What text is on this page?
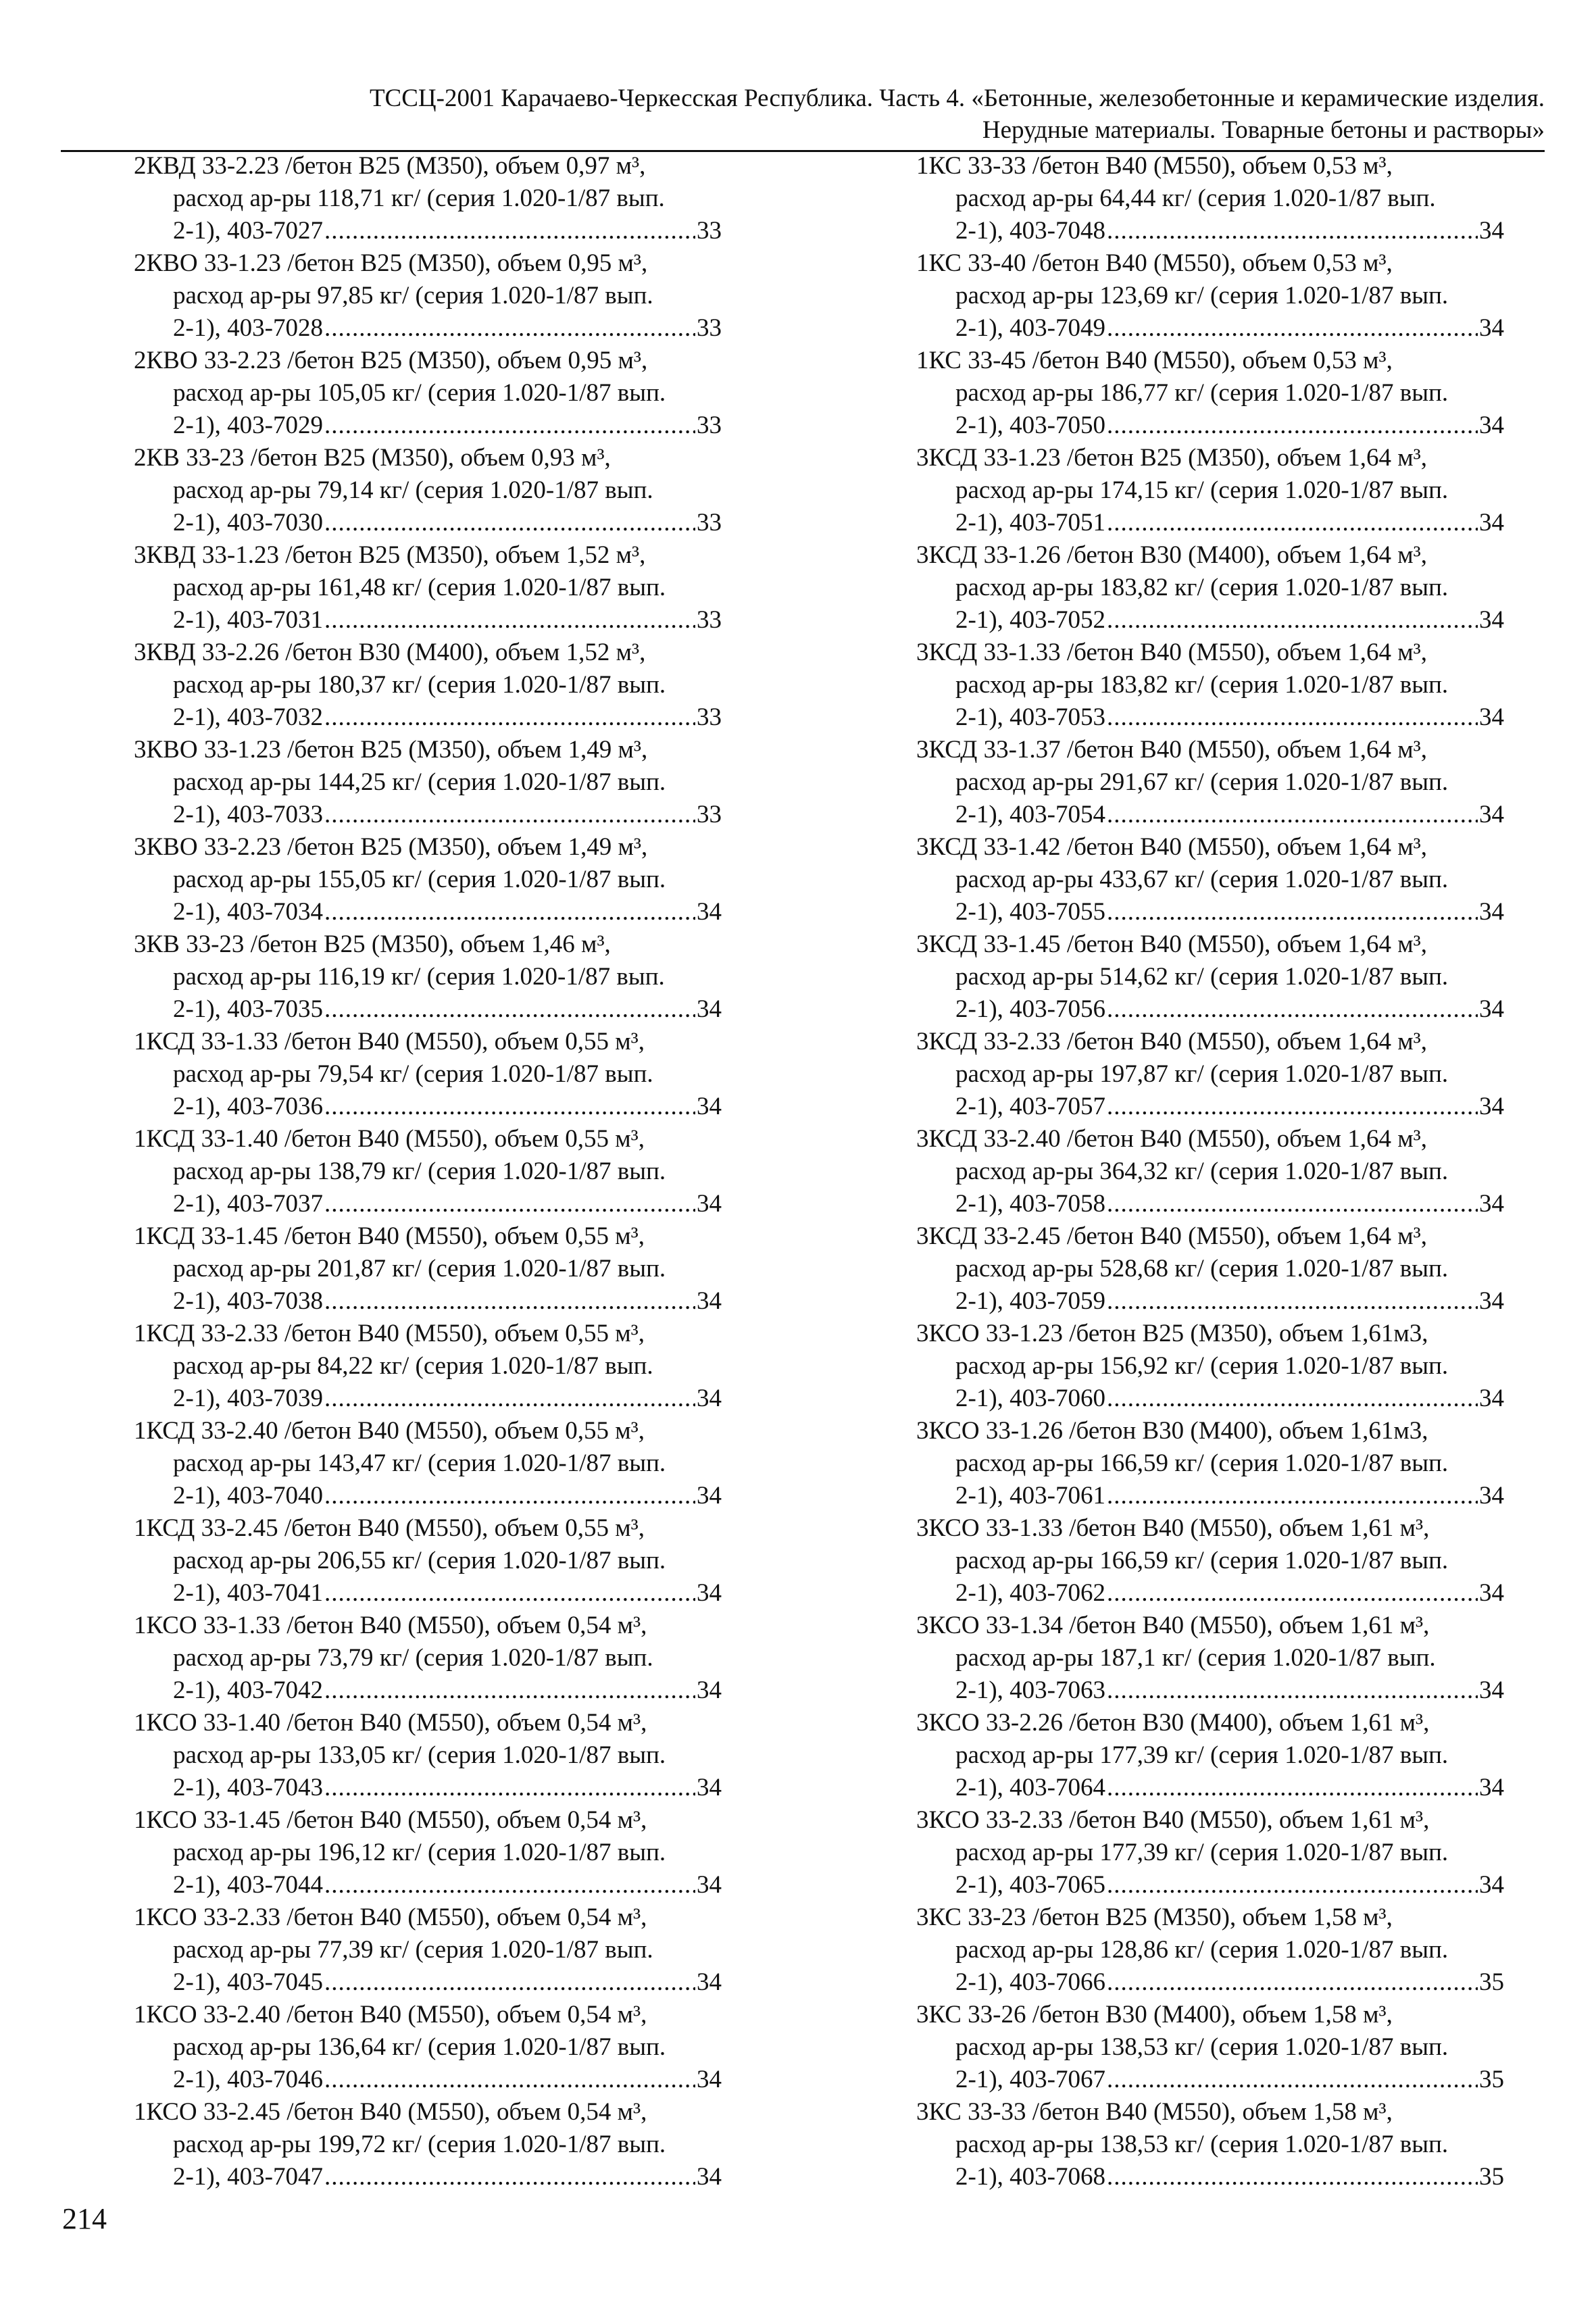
ТССЦ-2001 Карачаево-Черкесская Республика. Часть 4. «Бетонные, железобетонные и керамические изделия.
Нерудные материалы. Товарные бетоны и растворы»
2КВД 33-2.23 /бетон В25 (М350), объем 0,97 м³,
расход ар-ры 118,71 кг/ (серия 1.020-1/87 вып.
2-1), 403-7027 .....	33
2КВО 33-1.23 /бетон В25 (М350), объем 0,95 м³,
расход ар-ры 97,85 кг/ (серия 1.020-1/87 вып.
2-1), 403-7028 .....	33
2КВО 33-2.23 /бетон В25 (М350), объем 0,95 м³,
расход ар-ры 105,05 кг/ (серия 1.020-1/87 вып.
2-1), 403-7029 .....	33
2КВ 33-23 /бетон В25 (М350), объем 0,93 м³,
расход ар-ры 79,14 кг/ (серия 1.020-1/87 вып.
2-1), 403-7030 .....	33
3КВД 33-1.23 /бетон В25 (М350), объем 1,52 м³,
расход ар-ры 161,48 кг/ (серия 1.020-1/87 вып.
2-1), 403-7031 .....	33
3КВД 33-2.26 /бетон В30 (М400), объем 1,52 м³,
расход ар-ры 180,37 кг/ (серия 1.020-1/87 вып.
2-1), 403-7032 .....	33
3КВО 33-1.23 /бетон В25 (М350), объем 1,49 м³,
расход ар-ры 144,25 кг/ (серия 1.020-1/87 вып.
2-1), 403-7033 .....	33
3КВО 33-2.23 /бетон В25 (М350), объем 1,49 м³,
расход ар-ры 155,05 кг/ (серия 1.020-1/87 вып.
2-1), 403-7034 .....	34
3КВ 33-23 /бетон В25 (М350), объем 1,46 м³,
расход ар-ры 116,19 кг/ (серия 1.020-1/87 вып.
2-1), 403-7035 .....	34
1КСД 33-1.33 /бетон В40 (М550), объем 0,55 м³,
расход ар-ры 79,54 кг/ (серия 1.020-1/87 вып.
2-1), 403-7036 .....	34
1КСД 33-1.40 /бетон В40 (М550), объем 0,55 м³,
расход ар-ры 138,79 кг/ (серия 1.020-1/87 вып.
2-1), 403-7037 .....	34
1КСД 33-1.45 /бетон В40 (М550), объем 0,55 м³,
расход ар-ры 201,87 кг/ (серия 1.020-1/87 вып.
2-1), 403-7038 .....	34
1КСД 33-2.33 /бетон В40 (М550), объем 0,55 м³,
расход ар-ры 84,22 кг/ (серия 1.020-1/87 вып.
2-1), 403-7039 .....	34
1КСД 33-2.40 /бетон В40 (М550), объем 0,55 м³,
расход ар-ры 143,47 кг/ (серия 1.020-1/87 вып.
2-1), 403-7040 .....	34
1КСД 33-2.45 /бетон В40 (М550), объем 0,55 м³,
расход ар-ры 206,55 кг/ (серия 1.020-1/87 вып.
2-1), 403-7041 .....	34
1КСО 33-1.33 /бетон В40 (М550), объем 0,54 м³,
расход ар-ры 73,79 кг/ (серия 1.020-1/87 вып.
2-1), 403-7042 .....	34
1КСО 33-1.40 /бетон В40 (М550), объем 0,54 м³,
расход ар-ры 133,05 кг/ (серия 1.020-1/87 вып.
2-1), 403-7043 .....	34
1КСО 33-1.45 /бетон В40 (М550), объем 0,54 м³,
расход ар-ры 196,12 кг/ (серия 1.020-1/87 вып.
2-1), 403-7044 .....	34
1КСО 33-2.33 /бетон В40 (М550), объем 0,54 м³,
расход ар-ры 77,39 кг/ (серия 1.020-1/87 вып.
2-1), 403-7045 .....	34
1КСО 33-2.40 /бетон В40 (М550), объем 0,54 м³,
расход ар-ры 136,64 кг/ (серия 1.020-1/87 вып.
2-1), 403-7046 .....	34
1КСО 33-2.45 /бетон В40 (М550), объем 0,54 м³,
расход ар-ры 199,72 кг/ (серия 1.020-1/87 вып.
2-1), 403-7047 .....	34
1КС 33-33 /бетон В40 (М550), объем 0,53 м³,
расход ар-ры 64,44 кг/ (серия 1.020-1/87 вып.
2-1), 403-7048 .....	34
1КС 33-40 /бетон В40 (М550), объем 0,53 м³,
расход ар-ры 123,69 кг/ (серия 1.020-1/87 вып.
2-1), 403-7049 .....	34
1КС 33-45 /бетон В40 (М550), объем 0,53 м³,
расход ар-ры 186,77 кг/ (серия 1.020-1/87 вып.
2-1), 403-7050 .....	34
3КСД 33-1.23 /бетон В25 (М350), объем 1,64 м³,
расход ар-ры 174,15 кг/ (серия 1.020-1/87 вып.
2-1), 403-7051 .....	34
3КСД 33-1.26 /бетон В30 (М400), объем 1,64 м³,
расход ар-ры 183,82 кг/ (серия 1.020-1/87 вып.
2-1), 403-7052 .....	34
3КСД 33-1.33 /бетон В40 (М550), объем 1,64 м³,
расход ар-ры 183,82 кг/ (серия 1.020-1/87 вып.
2-1), 403-7053 .....	34
3КСД 33-1.37 /бетон В40 (М550), объем 1,64 м³,
расход ар-ры 291,67 кг/ (серия 1.020-1/87 вып.
2-1), 403-7054 .....	34
3КСД 33-1.42 /бетон В40 (М550), объем 1,64 м³,
расход ар-ры 433,67 кг/ (серия 1.020-1/87 вып.
2-1), 403-7055 .....	34
3КСД 33-1.45 /бетон В40 (М550), объем 1,64 м³,
расход ар-ры 514,62 кг/ (серия 1.020-1/87 вып.
2-1), 403-7056 .....	34
3КСД 33-2.33 /бетон В40 (М550), объем 1,64 м³,
расход ар-ры 197,87 кг/ (серия 1.020-1/87 вып.
2-1), 403-7057 .....	34
3КСД 33-2.40 /бетон В40 (М550), объем 1,64 м³,
расход ар-ры 364,32 кг/ (серия 1.020-1/87 вып.
2-1), 403-7058 .....	34
3КСД 33-2.45 /бетон В40 (М550), объем 1,64 м³,
расход ар-ры 528,68 кг/ (серия 1.020-1/87 вып.
2-1), 403-7059 .....	34
3КСО 33-1.23 /бетон В25 (М350), объем 1,61м3,
расход ар-ры 156,92 кг/ (серия 1.020-1/87 вып.
2-1), 403-7060 .....	34
3КСО 33-1.26 /бетон В30 (М400), объем 1,61м3,
расход ар-ры 166,59 кг/ (серия 1.020-1/87 вып.
2-1), 403-7061 .....	34
3КСО 33-1.33 /бетон В40 (М550), объем 1,61 м³,
расход ар-ры 166,59 кг/ (серия 1.020-1/87 вып.
2-1), 403-7062 .....	34
3КСО 33-1.34 /бетон В40 (М550), объем 1,61 м³,
расход ар-ры 187,1 кг/ (серия 1.020-1/87 вып.
2-1), 403-7063 .....	34
3КСО 33-2.26 /бетон В30 (М400), объем 1,61 м³,
расход ар-ры 177,39 кг/ (серия 1.020-1/87 вып.
2-1), 403-7064 .....	34
3КСО 33-2.33 /бетон В40 (М550), объем 1,61 м³,
расход ар-ры 177,39 кг/ (серия 1.020-1/87 вып.
2-1), 403-7065 .....	34
3КС 33-23 /бетон В25 (М350), объем 1,58 м³,
расход ар-ры 128,86 кг/ (серия 1.020-1/87 вып.
2-1), 403-7066 .....	35
3КС 33-26 /бетон В30 (М400), объем 1,58 м³,
расход ар-ры 138,53 кг/ (серия 1.020-1/87 вып.
2-1), 403-7067 .....	35
3КС 33-33 /бетон В40 (М550), объем 1,58 м³,
расход ар-ры 138,53 кг/ (серия 1.020-1/87 вып.
2-1), 403-7068 .....	35
214
